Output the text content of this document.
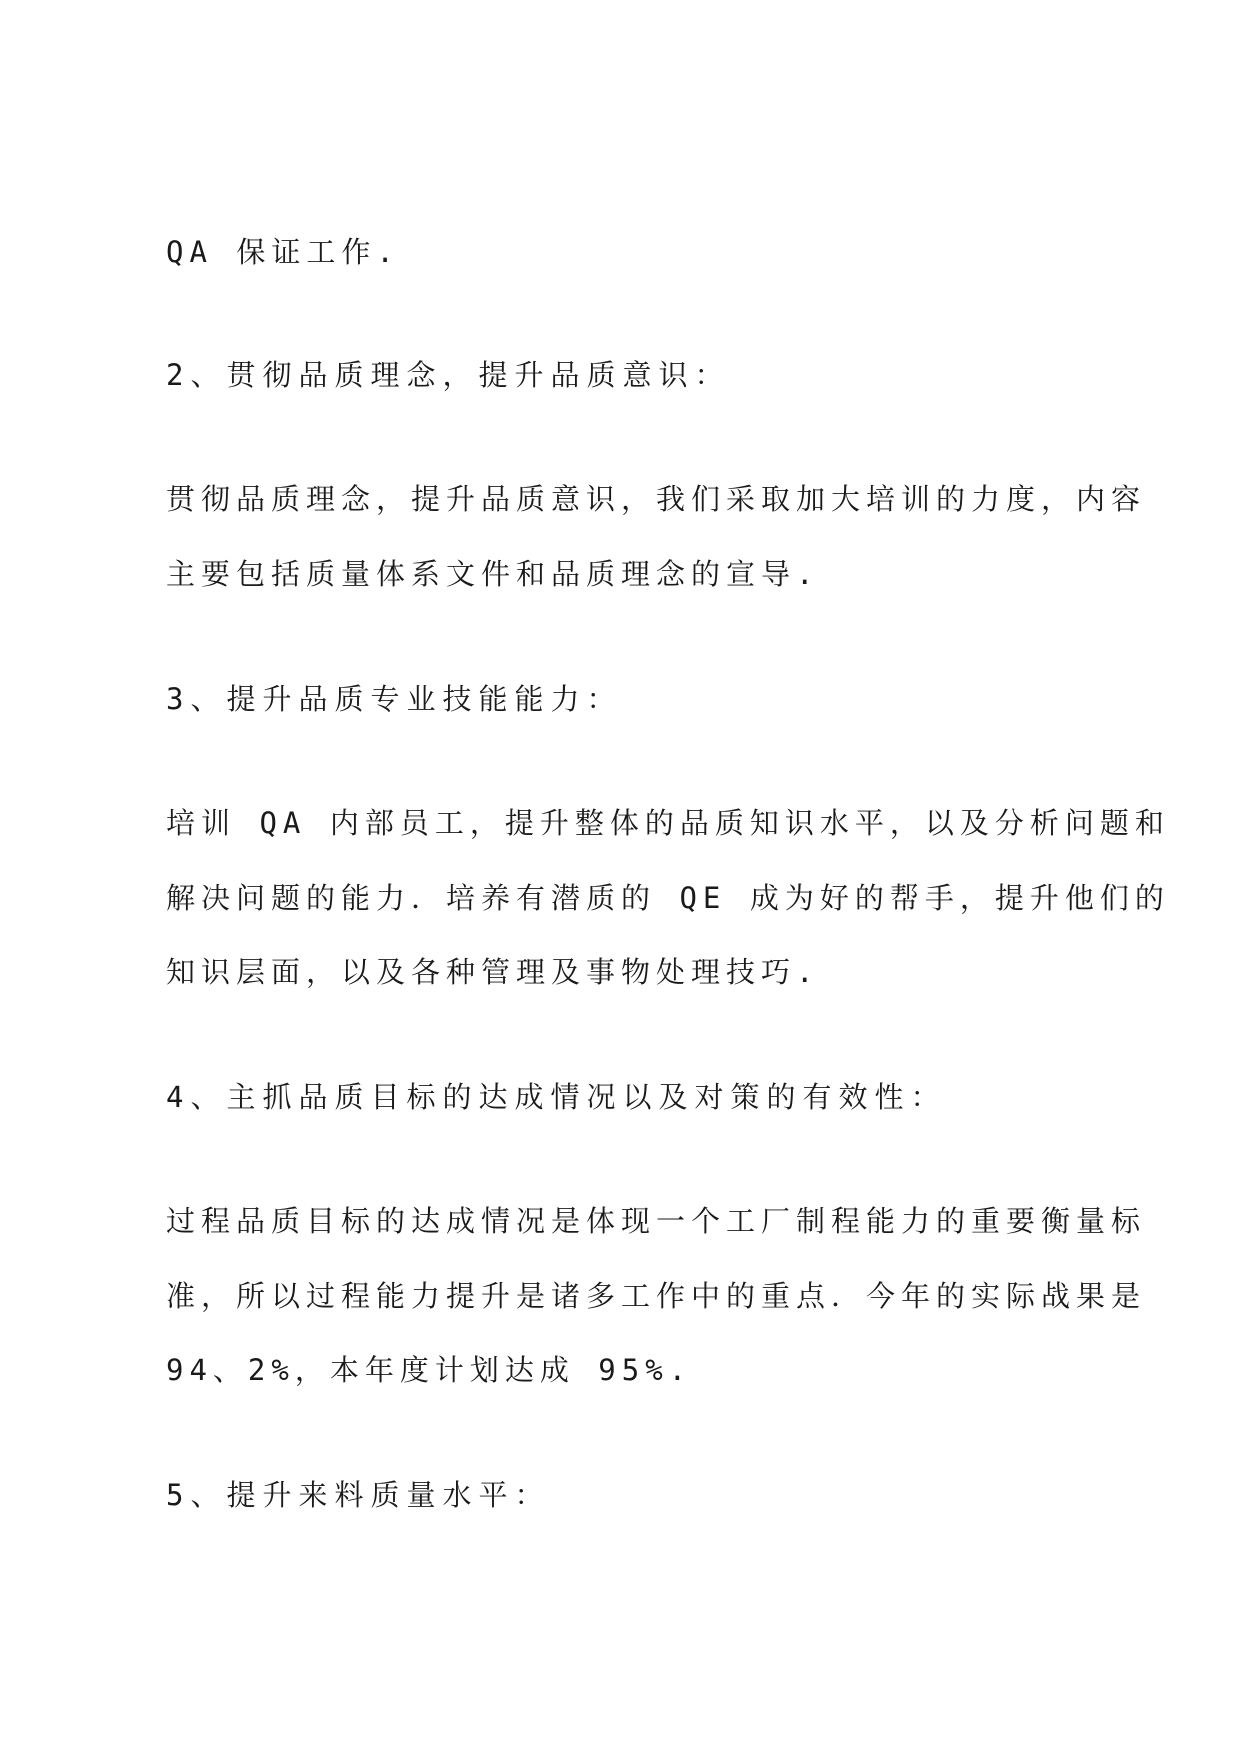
QA 保证工作.
2、贯彻品质理念，提升品质意识：
贯彻品质理念，提升品质意识，我们采取加大培训的力度，内容
主要包括质量体系文件和品质理念的宣导.
3、提升品质专业技能能力：
培训 QA 内部员工，提升整体的品质知识水平，以及分析问题和
解决问题的能力．培养有潜质的 QE 成为好的帮手，提升他们的
知识层面，以及各种管理及事物处理技巧.
4、主抓品质目标的达成情况以及对策的有效性：
过程品质目标的达成情况是体现一个工厂制程能力的重要衡量标
准，所以过程能力提升是诸多工作中的重点．今年的实际战果是
94、2%，本年度计划达成 95%.
5、提升来料质量水平：
